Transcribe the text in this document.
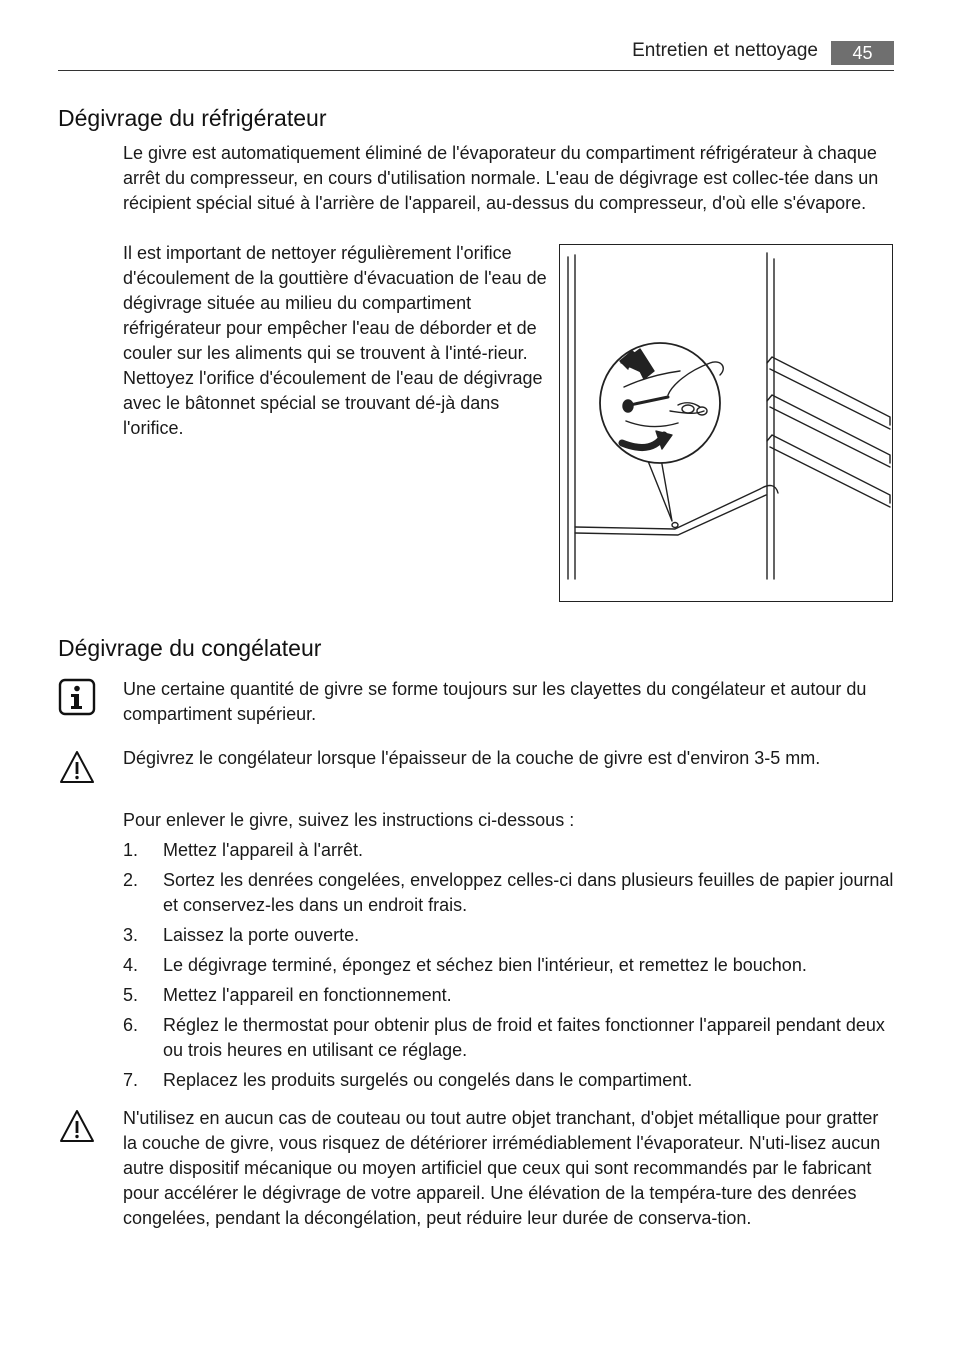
Entretien et nettoyage	45
Dégivrage du réfrigérateur

Le givre est automatiquement éliminé de l'évaporateur du compartiment réfrigérateur à chaque arrêt du compresseur, en cours d'utilisation normale. L'eau de dégivrage est collec-tée dans un récipient spécial situé à l'arrière de l'appareil, au-dessus du compresseur, d'où elle s'évapore.

Il est important de nettoyer régulièrement l'orifice d'écoulement de la gouttière d'évacuation de l'eau de dégivrage située au milieu du compartiment réfrigérateur pour empêcher l'eau de déborder et de couler sur les aliments qui se trouvent à l'inté-rieur. Nettoyez l'orifice d'écoulement de l'eau de dégivrage avec le bâtonnet spécial se trouvant dé-jà dans l'orifice.

Dégivrage du congélateur

Une certaine quantité de givre se forme toujours sur les clayettes du congélateur et autour du compartiment supérieur.

Dégivrez le congélateur lorsque l'épaisseur de la couche de givre est d'environ 3-5 mm.

Pour enlever le givre, suivez les instructions ci-dessous :

1.	Mettez l'appareil à l'arrêt.
2.	Sortez les denrées congelées, enveloppez celles-ci dans plusieurs feuilles de papier journal et conservez-les dans un endroit frais.
3.	Laissez la porte ouverte.
4.	Le dégivrage terminé, épongez et séchez bien l'intérieur, et remettez le bouchon.
5.	Mettez l'appareil en fonctionnement.
6.	Réglez le thermostat pour obtenir plus de froid et faites fonctionner l'appareil pendant deux ou trois heures en utilisant ce réglage.
7.	Replacez les produits surgelés ou congelés dans le compartiment.

N'utilisez en aucun cas de couteau ou tout autre objet tranchant, d'objet métallique pour gratter la couche de givre, vous risquez de détériorer irrémédiablement l'évaporateur. N'uti-lisez aucun autre dispositif mécanique ou moyen artificiel que ceux qui sont recommandés par le fabricant pour accélérer le dégivrage de votre appareil. Une élévation de la tempéra-ture des denrées congelées, pendant la décongélation, peut réduire leur durée de conserva-tion.
